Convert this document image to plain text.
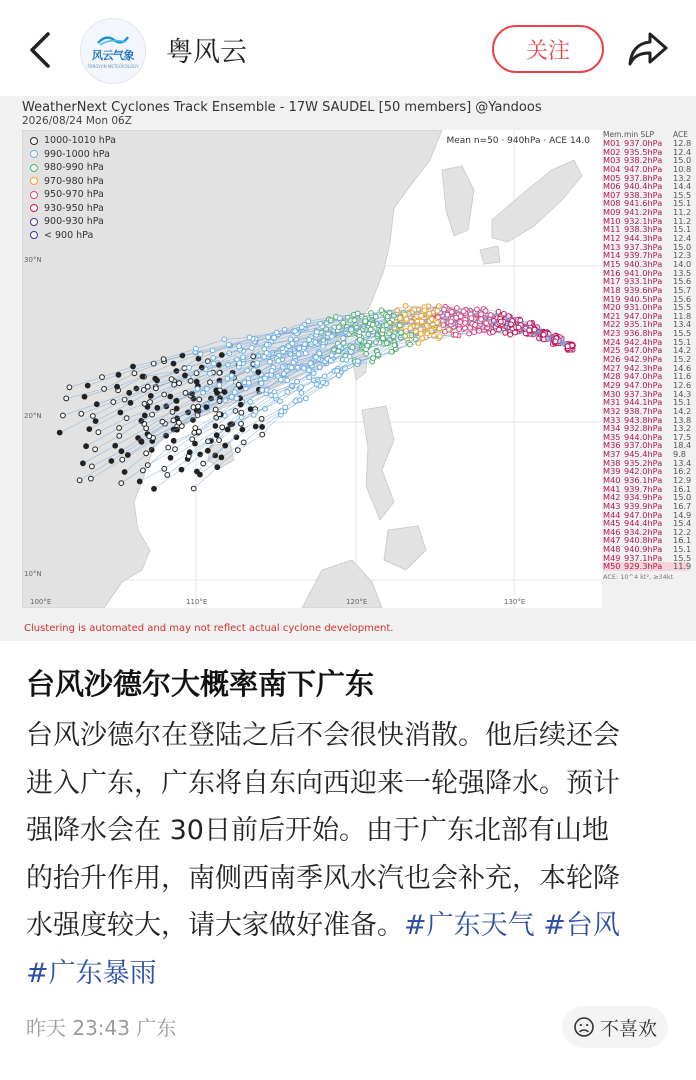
风云气象
FENGYUN METEOROLOGY 粤风云	关注
WeatherNext Cyclones Track Ensemble - 17W SAUDEL [50 members] @Yandoos
2026/08/24 Mon 06Z
30°N
20°N
10°N
100°E	110°E	120°E	130°E
1000-1010 hPa
990-1000 hPa
980-990 hPa
970-980 hPa
950-970 hPa
930-950 hPa
900-930 hPa
< 900 hPa
Mean n=50 · 940hPa · ACE 14.0
Clustering is automated and may not reflect actual cyclone development.
Mem. min SLP	ACE
M01 937.0hPa	12.8
M02 935.5hPa	12.4
M03 938.2hPa	15.0
M04 947.0hPa	10.8
M05 937.8hPa	13.2
M06 940.4hPa	14.4
M07 938.3hPa	15.5
M08 941.6hPa	15.1
M09 941.2hPa	11.2
M10 932.1hPa	11.2
M11 938.3hPa	15.1
M12 944.3hPa	12.4
M13 937.3hPa	15.0
M14 939.7hPa	12.3
M15 940.3hPa	14.0
M16 941.0hPa	13.5
M17 933.1hPa	15.6
M18 939.6hPa	15.7
M19 940.5hPa	15.6
M20 931.0hPa	15.5
M21 947.0hPa	11.8
M22 935.1hPa	13.4
M23 936.8hPa	15.5
M24 942.4hPa	15.1
M25 947.0hPa	14.2
M26 942.9hPa	15.2
M27 942.3hPa	14.6
M28 947.0hPa	11.6
M29 947.0hPa	12.6
M30 937.3hPa	14.3
M31 944.1hPa	15.1
M32 938.7hPa	14.2
M33 943.8hPa	13.8
M34 932.8hPa	13.2
M35 944.0hPa	17.5
M36 937.0hPa	18.4
M37 945.4hPa	9.8
M38 935.2hPa	13.4
M39 942.0hPa	16.2
M40 936.1hPa	12.9
M41 939.7hPa	16.1
M42 934.9hPa	15.0
M43 939.9hPa	16.7
M44 947.0hPa	14.9
M45 944.4hPa	15.4
M46 934.2hPa	12.2
M47 940.8hPa	16.1
M48 940.9hPa	15.1
M49 937.1hPa	15.5
M50 929.3hPa	11.9
ACE: 10^4 kt², ≥34kt
台风沙德尔大概率南下广东
台风沙德尔在登陆之后不会很快消散。他后续还会
进入广东，广东将自东向西迎来一轮强降水。预计
强降水会在 30日前后开始。由于广东北部有山地
的抬升作用，南侧西南季风水汽也会补充，本轮降
水强度较大，请大家做好准备。#广东天气 #台风
#广东暴雨
昨天 23:43 广东	不喜欢
